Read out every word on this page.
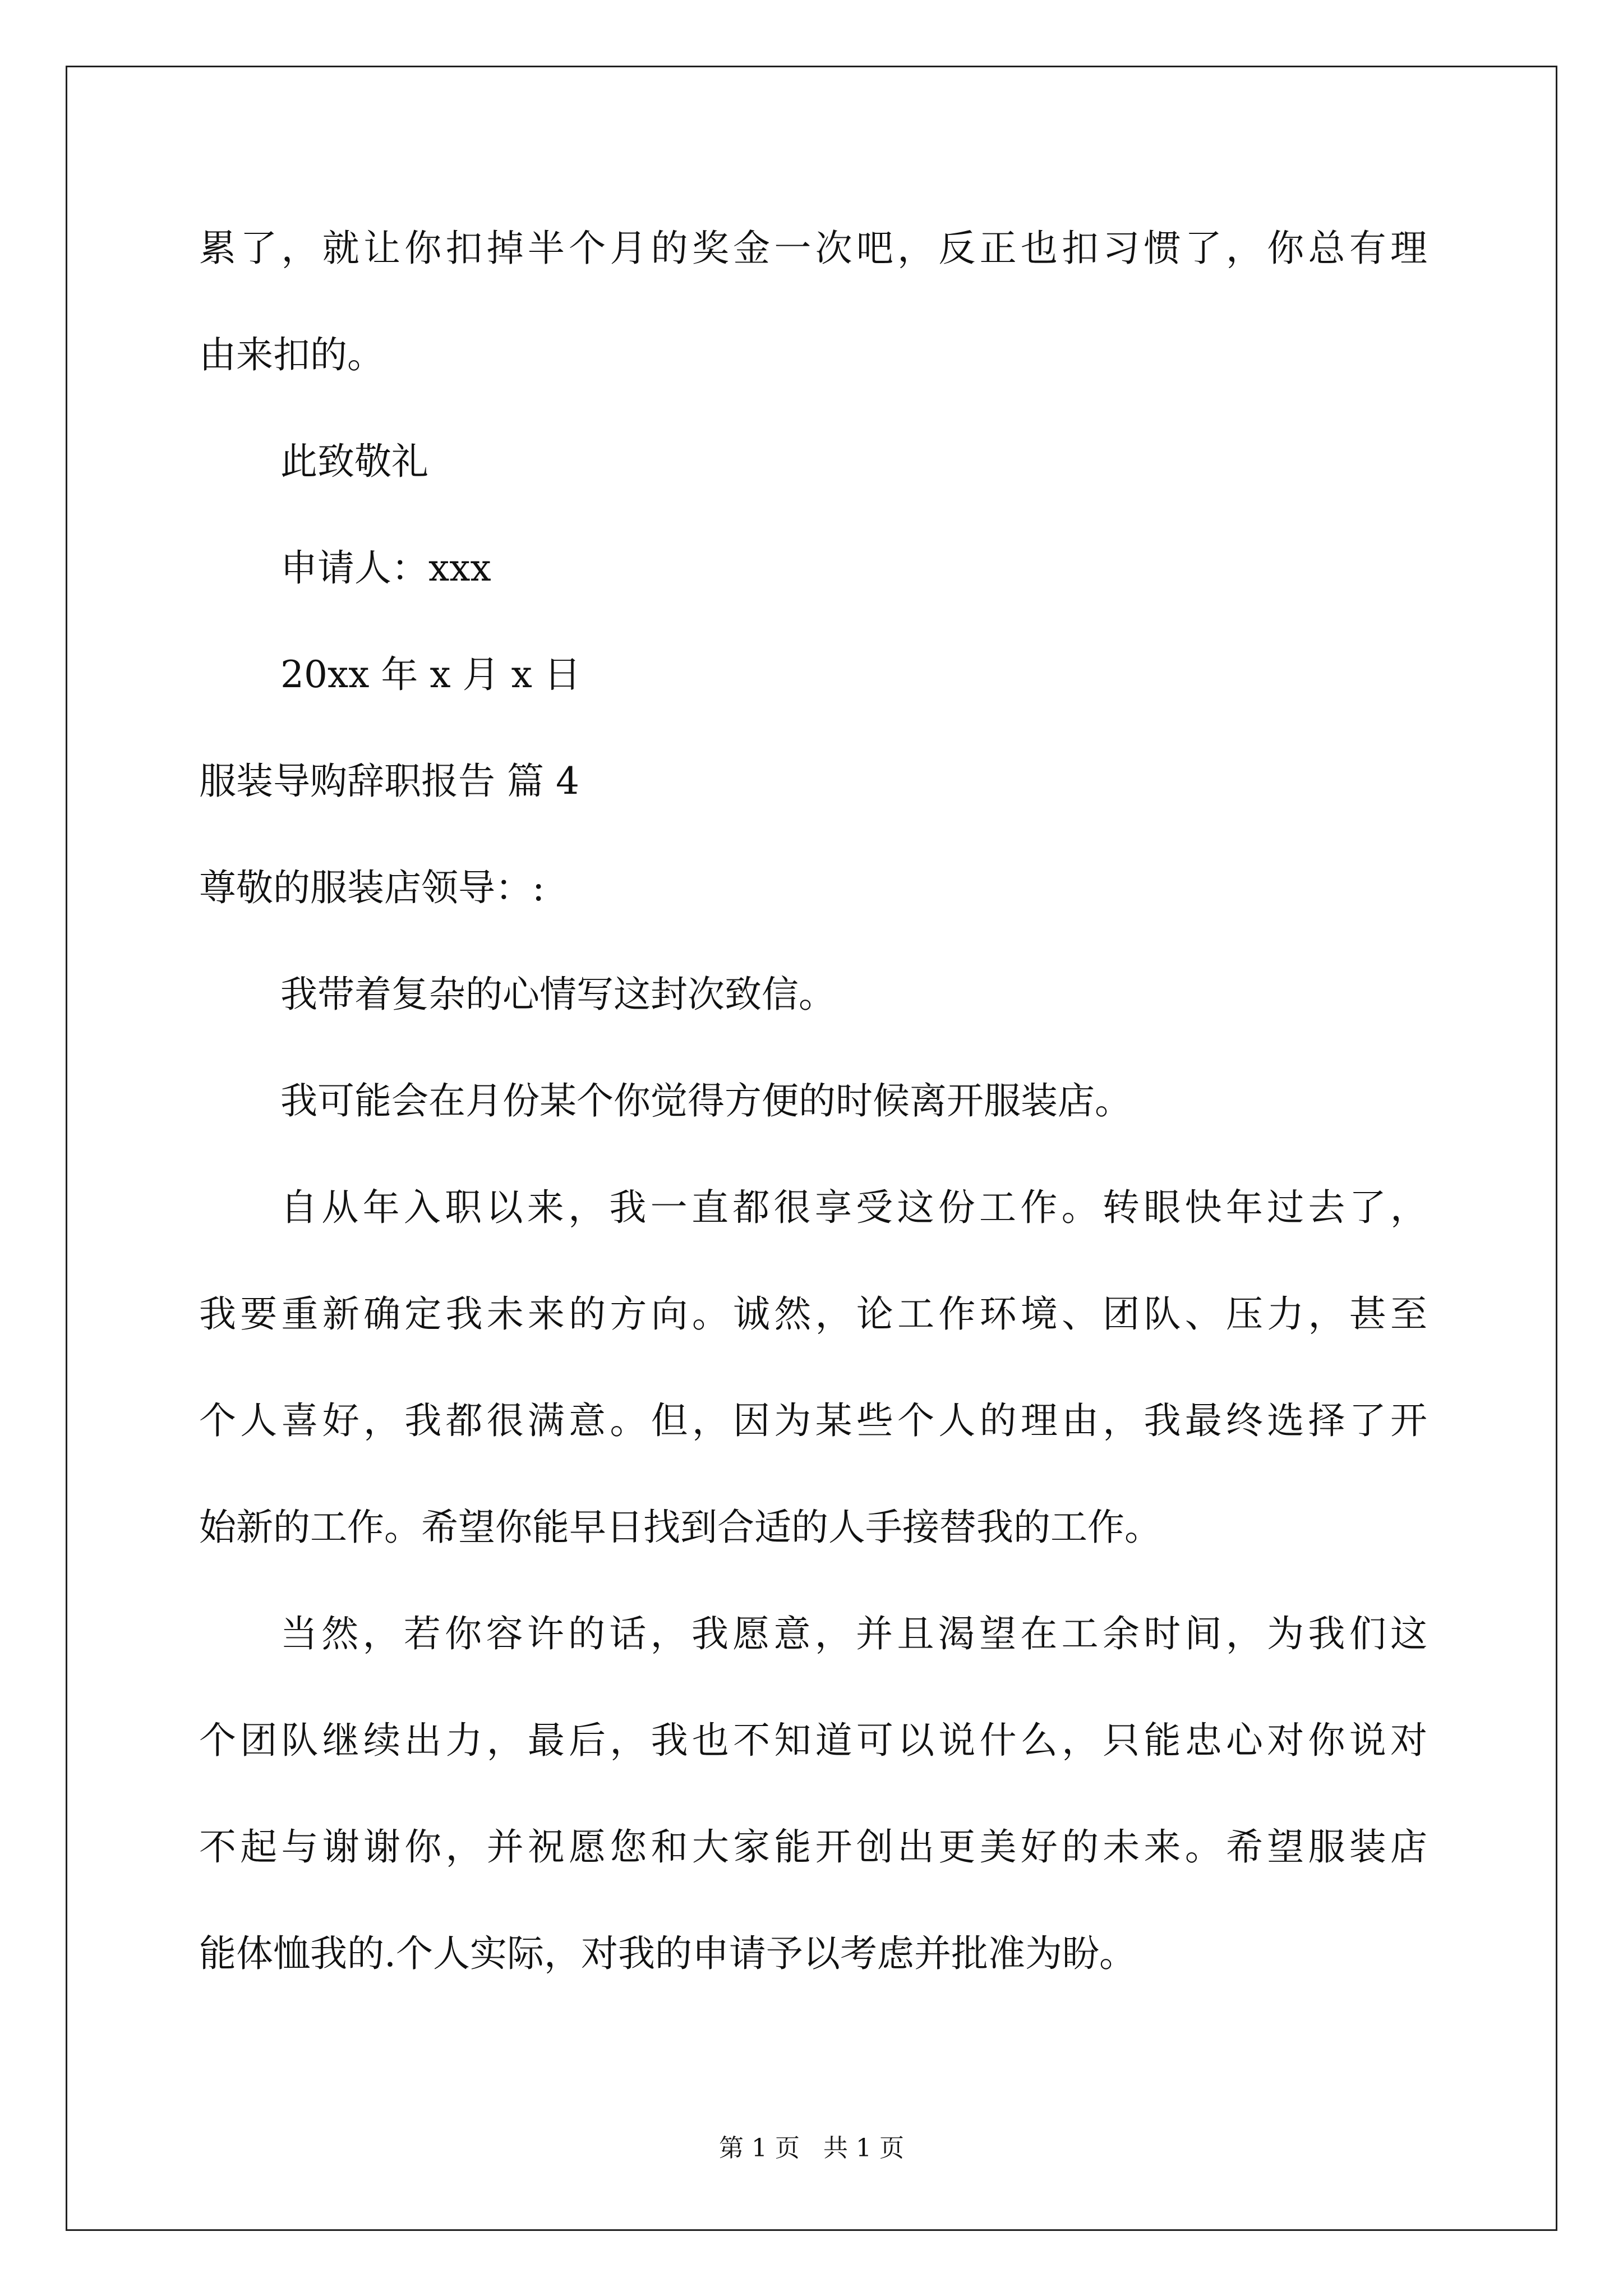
累了，就让你扣掉半个月的奖金一次吧，反正也扣习惯了，你总有理
由来扣的。
此致敬礼
申请人：xxx
20xx 年 x 月 x 日
服装导购辞职报告 篇 4
尊敬的服装店领导：:
我带着复杂的心情写这封次致信。
我可能会在月份某个你觉得方便的时候离开服装店。
自从年入职以来，我一直都很享受这份工作。转眼快年过去了，
我要重新确定我未来的方向。诚然，论工作环境、团队、压力，甚至
个人喜好，我都很满意。但，因为某些个人的理由，我最终选择了开
始新的工作。希望你能早日找到合适的人手接替我的工作。
当然，若你容许的话，我愿意，并且渴望在工余时间，为我们这
个团队继续出力，最后，我也不知道可以说什么，只能忠心对你说对
不起与谢谢你，并祝愿您和大家能开创出更美好的未来。希望服装店
能体恤我的.个人实际，对我的申请予以考虑并批准为盼。
第 1 页   共 1 页
